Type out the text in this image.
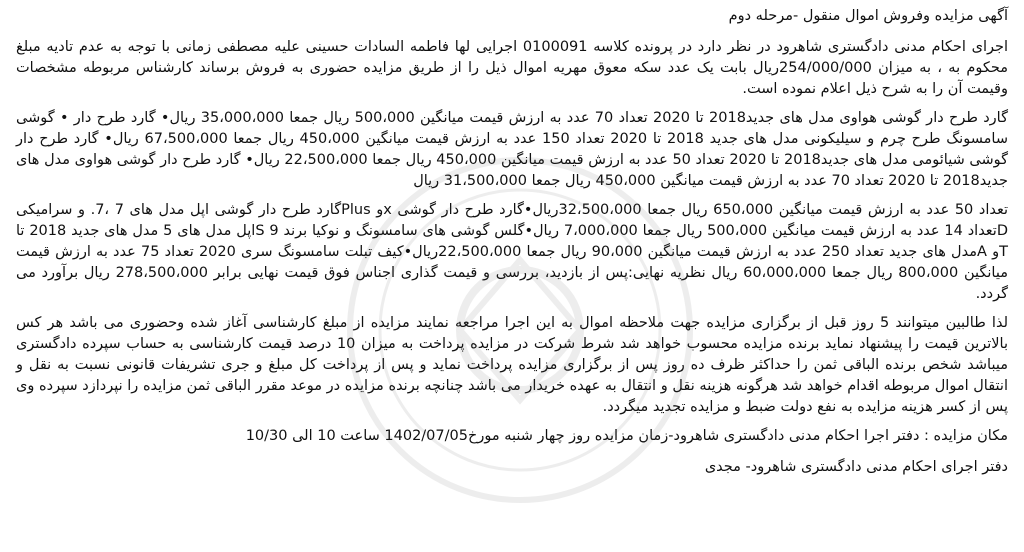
آگهی مزایده وفروش اموال منقول -مرحله دوم
اجرای احکام مدنی دادگستری شاهرود در نظر دارد در پرونده کلاسه 0100091 اجرایی لها فاطمه السادات حسینی علیه مصطفی زمانی با توجه به عدم تادیه مبلغ محکوم به ، به میزان 254/000/000ریال بابت یک عدد سکه معوق مهریه اموال ذیل را از طریق مزایده حضوری به فروش برساند کارشناس مربوطه مشخصات وقیمت آن را به شرح ذیل اعلام نموده است.
گارد طرح دار گوشی هواوی مدل های جدید2018 تا 2020 تعداد 70 عدد به ارزش قیمت میانگین 500،000 ریال جمعا 35،000،000 ریال• گارد طرح دار • گوشی سامسونگ طرح چرم و سیلیکونی مدل های جدید 2018 تا 2020 تعداد 150 عدد به ارزش قیمت میانگین 450،000 ریال جمعا 67،500،000 ریال• گارد طرح دار گوشی شیائومی مدل های جدید2018 تا 2020 تعداد 50 عدد به ارزش قیمت میانگین 450،000 ریال جمعا 22،500،000 ریال• گارد طرح دار گوشی هواوی مدل های جدید2018 تا 2020 تعداد 70 عدد به ارزش قیمت میانگین 450،000 ریال جمعا 31،500،000 ریال
تعداد 50 عدد به ارزش قیمت میانگین 650،000 ریال جمعا 32،500،000ریال•گارد طرح دار گوشی xو Plusگارد طرح دار گوشی اپل مدل های 7 ،7. و سرامیکی Dتعداد 14 عدد به ارزش قیمت میانگین 500،000 ریال جمعا 7،000،000 ریال•گلس گوشی های سامسونگ و نوکیا برند 9 Sاپل مدل های 5 مدل های جدید 2018 تا Tو Aمدل های جدید تعداد 250 عدد به ارزش قیمت میانگین 90،000 ریال جمعا 22،500،000ریال•کیف تبلت سامسونگ سری 2020 تعداد 75 عدد به ارزش قیمت میانگین 800،000 ریال جمعا 60،000،000 ریال نظریه نهایی:پس از بازدید، بررسی و قیمت گذاری اجناس فوق قیمت نهایی برابر 278،500،000 ریال برآورد می گردد.
لذا طالبین میتوانند 5 روز قبل از برگزاری مزایده جهت ملاحظه اموال به این اجرا مراجعه نمایند مزایده از مبلغ کارشناسی آغاز شده وحضوری می باشد هر کس بالاترین قیمت را پیشنهاد نماید برنده مزایده محسوب خواهد شد شرط شرکت در مزایده پرداخت به میزان 10 درصد قیمت کارشناسی به حساب سپرده دادگستری میباشد شخص برنده الباقی ثمن را حداکثر ظرف ده روز پس از برگزاری مزایده پرداخت نماید و پس از پرداخت کل مبلغ و جری تشریفات قانونی نسبت به نقل و انتقال اموال مربوطه اقدام خواهد شد هرگونه هزینه نقل و انتقال به عهده خریدار می باشد چنانچه برنده مزایده در موعد مقرر الباقی ثمن مزایده را نپردازد سپرده وی پس از کسر هزینه مزایده به نفع دولت ضبط و مزایده تجدید میگردد.
مکان مزایده : دفتر اجرا احکام مدنی دادگستری شاهرود-زمان مزایده روز چهار شنبه مورخ1402/07/05 ساعت 10 الی 10/30
دفتر اجرای احکام مدنی دادگستری شاهرود- مجدی
